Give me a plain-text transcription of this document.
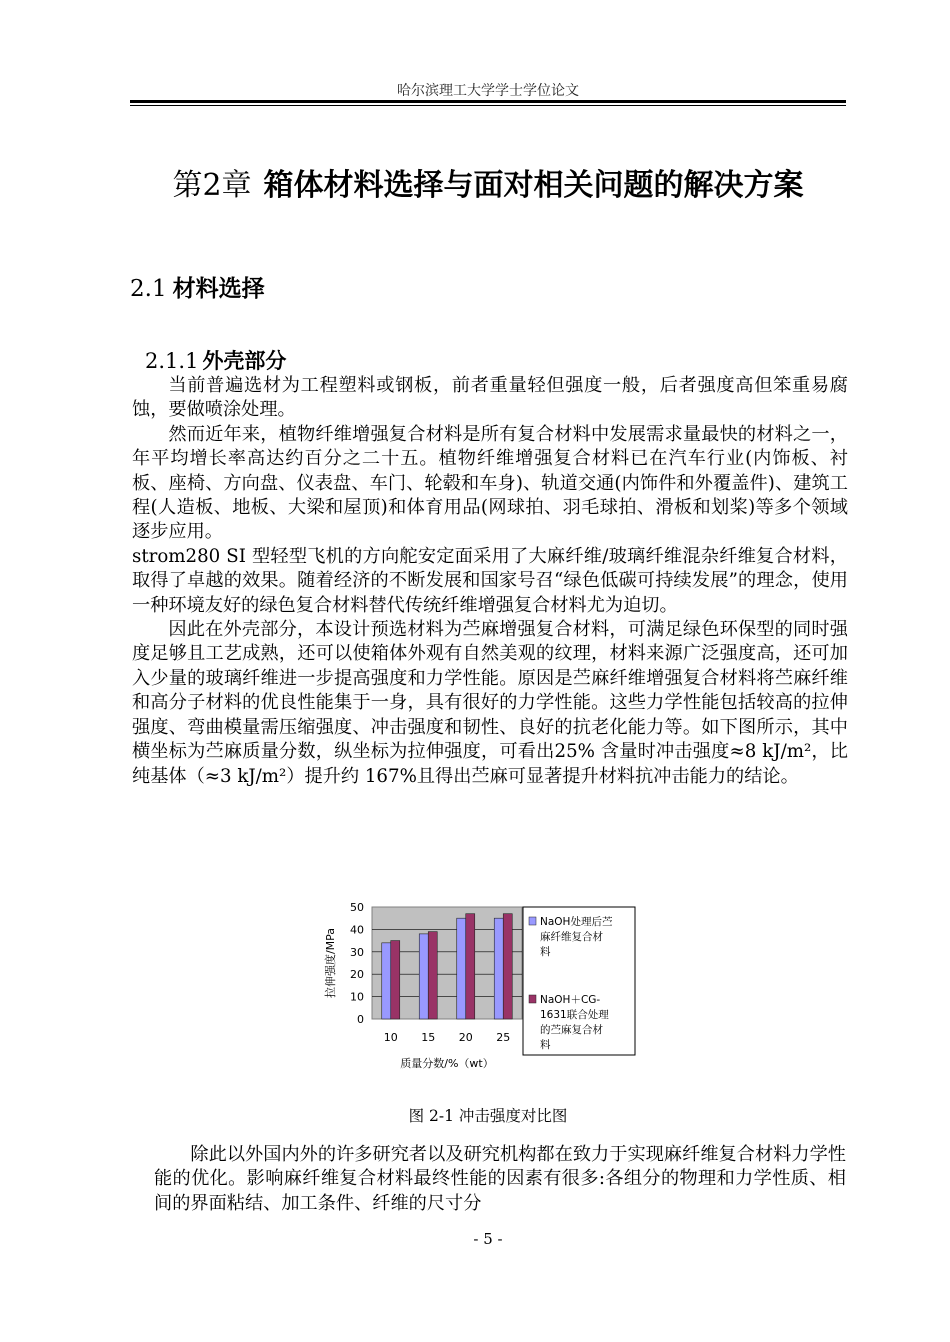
哈尔滨理工大学学士学位论文
第2章 箱体材料选择与面对相关问题的解决方案
2.1 材料选择
2.1.1 外壳部分

当前普遍选材为工程塑料或钢板，前者重量轻但强度一般，后者强度高但笨重易腐蚀，要做喷涂处理。

然而近年来，植物纤维增强复合材料是所有复合材料中发展需求量最快的材料之一，年平均增长率高达约百分之二十五。植物纤维增强复合材料已在汽车行业(内饰板、衬板、座椅、方向盘、仪表盘、车门、轮毂和车身)、轨道交通(内饰件和外覆盖件)、建筑工程(人造板、地板、大梁和屋顶)和体育用品(网球拍、羽毛球拍、滑板和划桨)等多个领域逐步应用。

strom280 SI 型轻型飞机的方向舵安定面采用了大麻纤维/玻璃纤维混杂纤维复合材料，取得了卓越的效果。随着经济的不断发展和国家号召“绿色低碳可持续发展”的理念，使用一种环境友好的绿色复合材料替代传统纤维增强复合材料尤为迫切。

因此在外壳部分，本设计预选材料为苎麻增强复合材料，可满足绿色环保型的同时强度足够且工艺成熟，还可以使箱体外观有自然美观的纹理，材料来源广泛强度高，还可加入少量的玻璃纤维进一步提高强度和力学性能。原因是苎麻纤维增强复合材料将苎麻纤维和高分子材料的优良性能集于一身，具有很好的力学性能。这些力学性能包括较高的拉伸强度、弯曲模量需压缩强度、冲击强度和韧性、良好的抗老化能力等。如下图所示，其中横坐标为苎麻质量分数，纵坐标为拉伸强度，可看出25% 含量时冲击强度≈8 kJ/m²，比纯基体（≈3 kJ/m²）提升约 167%且得出苎麻可显著提升材料抗冲击能力的结论。

0
10
20
30
40
50
拉伸强度/MPa
10 15 20 25
质量分数/%（wt）
NaOH处理后苎麻纤维复合材料
NaOH＋CG-1631联合处理的苎麻复合材料
图 2-1 冲击强度对比图

除此以外国内外的许多研究者以及研究机构都在致力于实现麻纤维复合材料力学性能的优化。影响麻纤维复合材料最终性能的因素有很多:各组分的物理和力学性质、相间的界面粘结、加工条件、纤维的尺寸分

- 5 -
